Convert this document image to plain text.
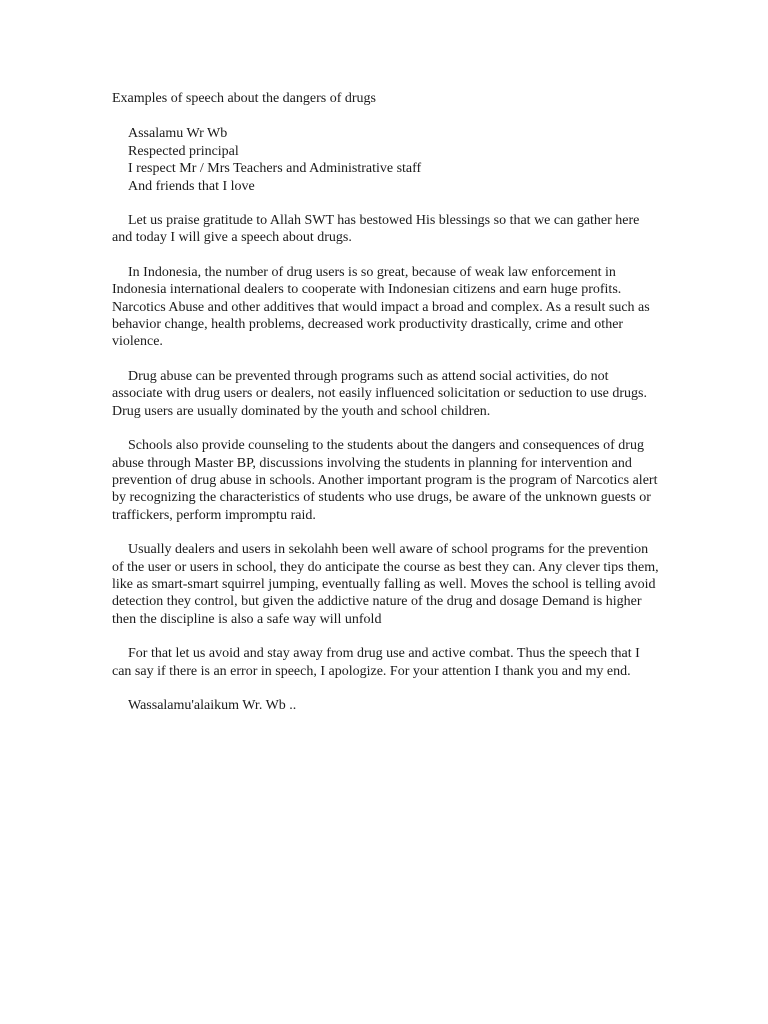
Examples of speech about the dangers of drugs
Assalamu Wr Wb
Respected principal
I respect Mr / Mrs Teachers and Administrative staff
And friends that I love

Let us praise gratitude to Allah SWT has bestowed His blessings so that we can gather here and today I will give a speech about drugs.

In Indonesia, the number of drug users is so great, because of weak law enforcement in Indonesia international dealers to cooperate with Indonesian citizens and earn huge profits. Narcotics Abuse and other additives that would impact a broad and complex. As a result such as behavior change, health problems, decreased work productivity drastically, crime and other violence.

Drug abuse can be prevented through programs such as attend social activities, do not associate with drug users or dealers, not easily influenced solicitation or seduction to use drugs. Drug users are usually dominated by the youth and school children.

Schools also provide counseling to the students about the dangers and consequences of drug abuse through Master BP, discussions involving the students in planning for intervention and prevention of drug abuse in schools. Another important program is the program of Narcotics alert by recognizing the characteristics of students who use drugs, be aware of the unknown guests or traffickers, perform impromptu raid.

Usually dealers and users in sekolahh been well aware of school programs for the prevention of the user or users in school, they do anticipate the course as best they can. Any clever tips them, like as smart-smart squirrel jumping, eventually falling as well. Moves the school is telling avoid detection they control, but given the addictive nature of the drug and dosage Demand is higher then the discipline is also a safe way will unfold

For that let us avoid and stay away from drug use and active combat. Thus the speech that I can say if there is an error in speech, I apologize. For your attention I thank you and my end.

Wassalamu'alaikum Wr. Wb ..
